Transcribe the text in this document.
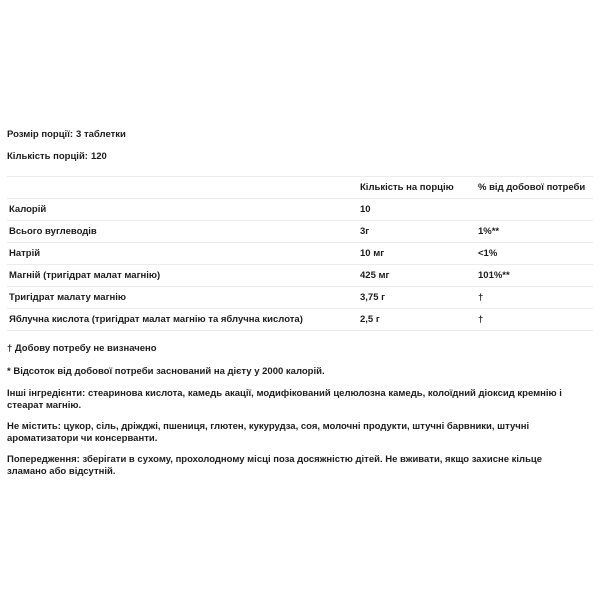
Розмір порції: 3 таблетки

Кількість порцій: 120

	Кількість на порцію	% від добової потреби
Калорій	10	
Всього вуглеводів	3г	1%**
Натрій	10 мг	<1%
Магній (тригідрат малат магнію)	425 мг	101%**
Тригідрат малату магнію	3,75 г	†
Яблучна кислота (тригідрат малат магнію та яблучна кислота)	2,5 г	†

† Добову потребу не визначено

* Відсоток від добової потреби заснований на дієту у 2000 калорій.

Інші інгредієнти: стеаринова кислота, камедь акації, модифікований целюлозна камедь, колоїдний діоксид кремнію і стеарат магнію.

Не містить: цукор, сіль, дріжджі, пшениця, глютен, кукурудза, соя, молочні продукти, штучні барвники, штучні ароматизатори чи консерванти.

Попередження: зберігати в сухому, прохолодному місці поза досяжністю дітей. Не вживати, якщо захисне кільце зламано або відсутній.
